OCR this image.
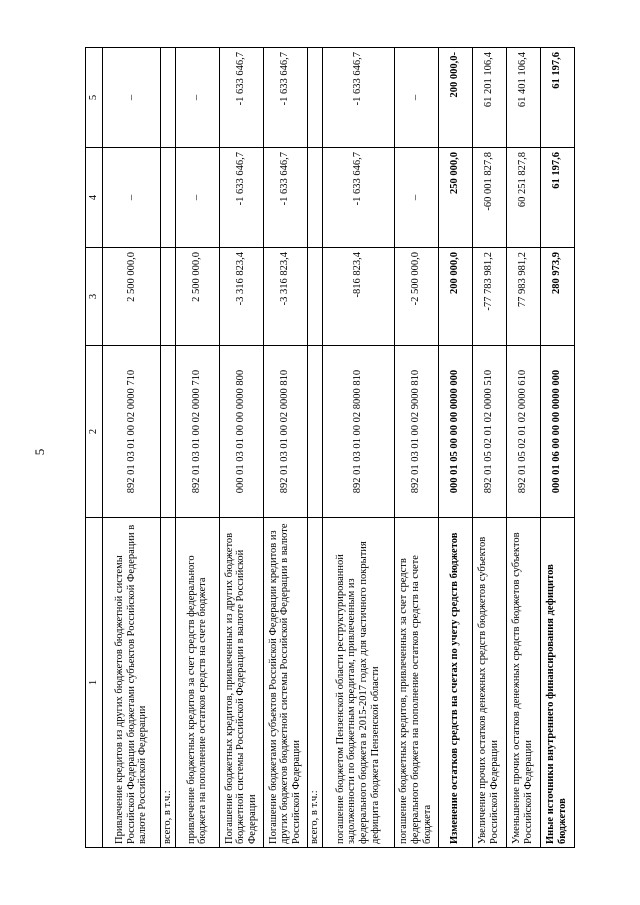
5
1	2	3	4	5
Привлечение кредитов из других бюджетов бюджетной системы Российской Федерации бюджетами субъектов Российской Федерации в валюте Российской Федерации	892 01 03 01 00 02 0000 710	2 500 000,0	–	–
всего, в т.ч.:				
привлечение бюджетных кредитов за счет средств федерального бюджета на пополнение остатков средств на счете бюджета	892 01 03 01 00 02 0000 710	2 500 000,0	–	–
Погашение бюджетных кредитов, привлеченных из других бюджетов бюджетной системы Российской Федерации в валюте Российской Федерации	000 01 03 01 00 00 0000 800	-3 316 823,4	-1 633 646,7	-1 633 646,7
Погашение бюджетами субъектов Российской Федерации кредитов из других бюджетов бюджетной системы Российской Федерации в валюте Российской Федерации	892 01 03 01 00 02 0000 810	-3 316 823,4	-1 633 646,7	-1 633 646,7
всего, в т.ч.:				
погашение бюджетом Пензенской области реструктурированной задолженности по бюджетным кредитам, привлеченным из федерального бюджета в 2015-2017 годах для частичного покрытия дефицита бюджета Пензенской области	892 01 03 01 00 02 8000 810	-816 823,4	-1 633 646,7	-1 633 646,7
погашение бюджетных кредитов, привлеченных за счет средств федерального бюджета на пополнение остатков средств на счете бюджета	892 01 03 01 00 02 9000 810	-2 500 000,0	–	–
Изменение остатков средств на счетах по учету средств бюджетов	000 01 05 00 00 00 0000 000	200 000,0	250 000,0	200 000,0-
Увеличение прочих остатков денежных средств бюджетов субъектов Российской Федерации	892 01 05 02 01 02 0000 510	-77 783 981,2	-60 001 827,8	61 201 106,4
Уменьшение прочих остатков денежных средств бюджетов субъектов Российской Федерации	892 01 05 02 01 02 0000 610	77 983 981,2	60 251 827,8	61 401 106,4
Иные источники внутреннего финансирования дефицитов бюджетов	000 01 06 00 00 00 0000 000	280 973,9	61 197,6	61 197,6
